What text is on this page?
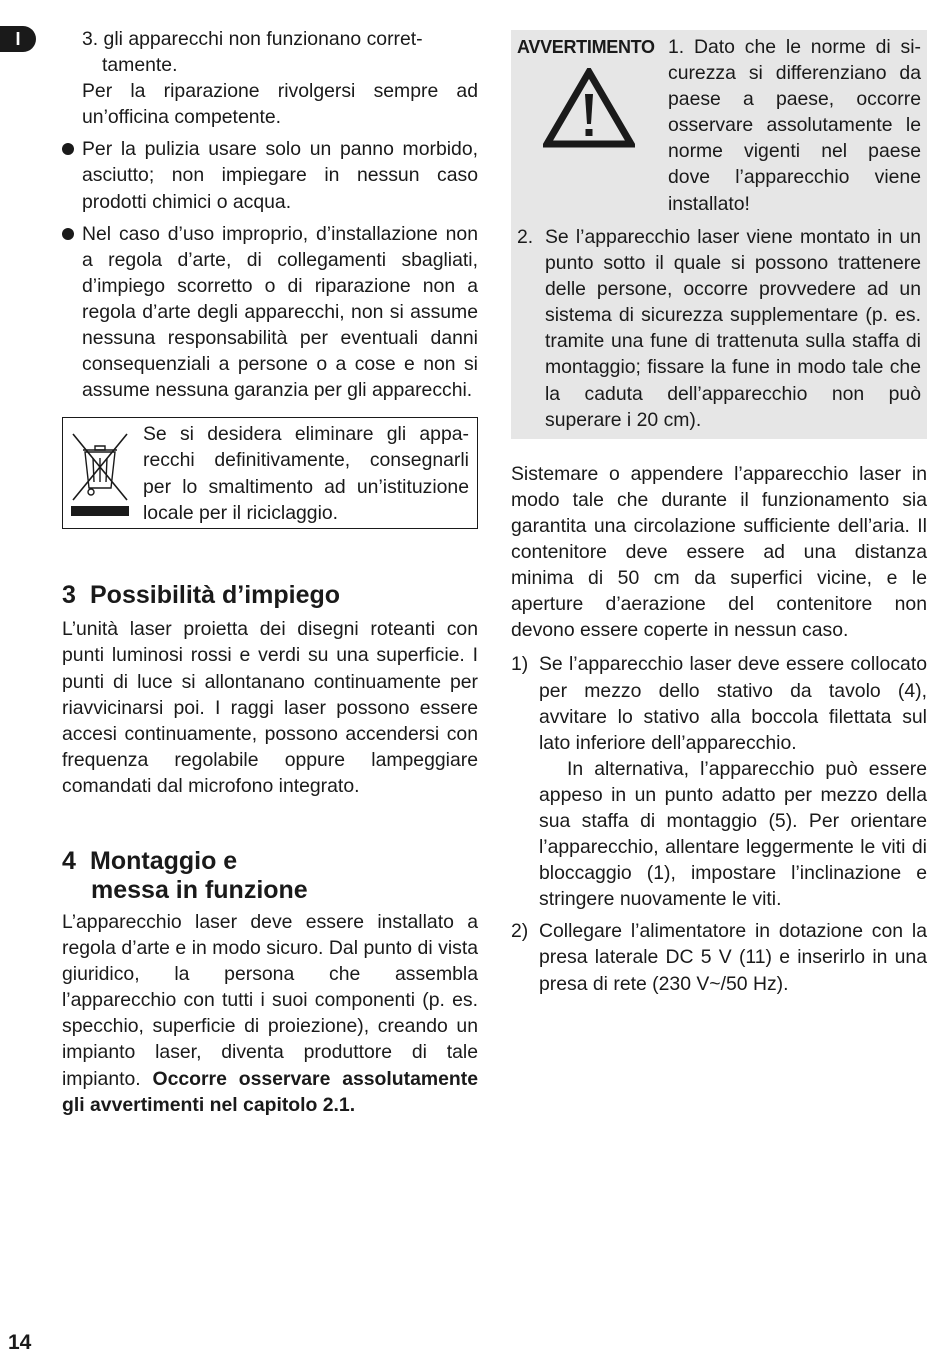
I	3. gli apparecchi non funzionano corret-

tamente.

Per la riparazione rivolgersi sempre ad un’officina competente.

Per la pulizia usare solo un panno morbido, asciutto; non impiegare in nessun caso prodotti chimici o acqua.
Nel caso d’uso improprio, d’installazione non a regola d’arte, di collegamenti sbagliati, d’impiego scorretto o di riparazione non a regola d’arte degli apparecchi, non si assume nessuna responsabilità per eventuali danni consequenziali a persone o a cose e non si assume nessuna garanzia per gli apparecchi.

Se si desidera eliminare gli apparecchi definitivamente, consegnarli per lo smaltimento ad un’istituzione locale per il riciclaggio.

3 Possibilità d’impiego

L’unità laser proietta dei disegni roteanti con punti luminosi rossi e verdi su una superficie. I punti di luce si allontanano continuamente per riavvicinarsi poi. I raggi laser possono essere accesi continuamente, possono accendersi con frequenza regolabile oppure lampeggiare comandati dal microfono integrato.

4 Montaggio e
messa in funzione

L’apparecchio laser deve essere installato a regola d’arte e in modo sicuro. Dal punto di vista giuridico, la persona che assembla l’apparecchio con tutti i suoi componenti (p. es. specchio, superficie di proiezione), creando un impianto laser, diventa produttore di tale impianto. Occorre osservare assolutamente gli avvertimenti nel capitolo 2.1.

AVVERTIMENTO 1. Dato che le norme di sicurezza si differenziano da paese a paese, occorre osservare assolutamente le norme vigenti nel paese dove l’apparecchio viene installato!

2. Se l’apparecchio laser viene montato in un punto sotto il quale si possono trattenere delle persone, occorre provvedere ad un sistema di sicurezza supplementare (p. es. tramite una fune di trattenuta sulla staffa di montaggio; fissare la fune in modo tale che la caduta dell’apparecchio non può superare i 20 cm).

Sistemare o appendere l’apparecchio laser in modo tale che durante il funzionamento sia garantita una circolazione sufficiente dell’aria. Il contenitore deve essere ad una distanza minima di 50 cm da superfici vicine, e le aperture d’aerazione del contenitore non devono essere coperte in nessun caso.

1) Se l’apparecchio laser deve essere collocato per mezzo dello stativo da tavolo (4), avvitare lo stativo alla boccola filettata sul lato inferiore dell’apparecchio.

In alternativa, l’apparecchio può essere appeso in un punto adatto per mezzo della sua staffa di montaggio (5). Per orientare l’apparecchio, allentare leggermente le viti di bloccaggio (1), impostare l’inclinazione e stringere nuovamente le viti.

2) Collegare l’alimentatore in dotazione con la presa laterale DC 5 V (11) e inserirlo in una presa di rete (230 V~/50 Hz).

14
